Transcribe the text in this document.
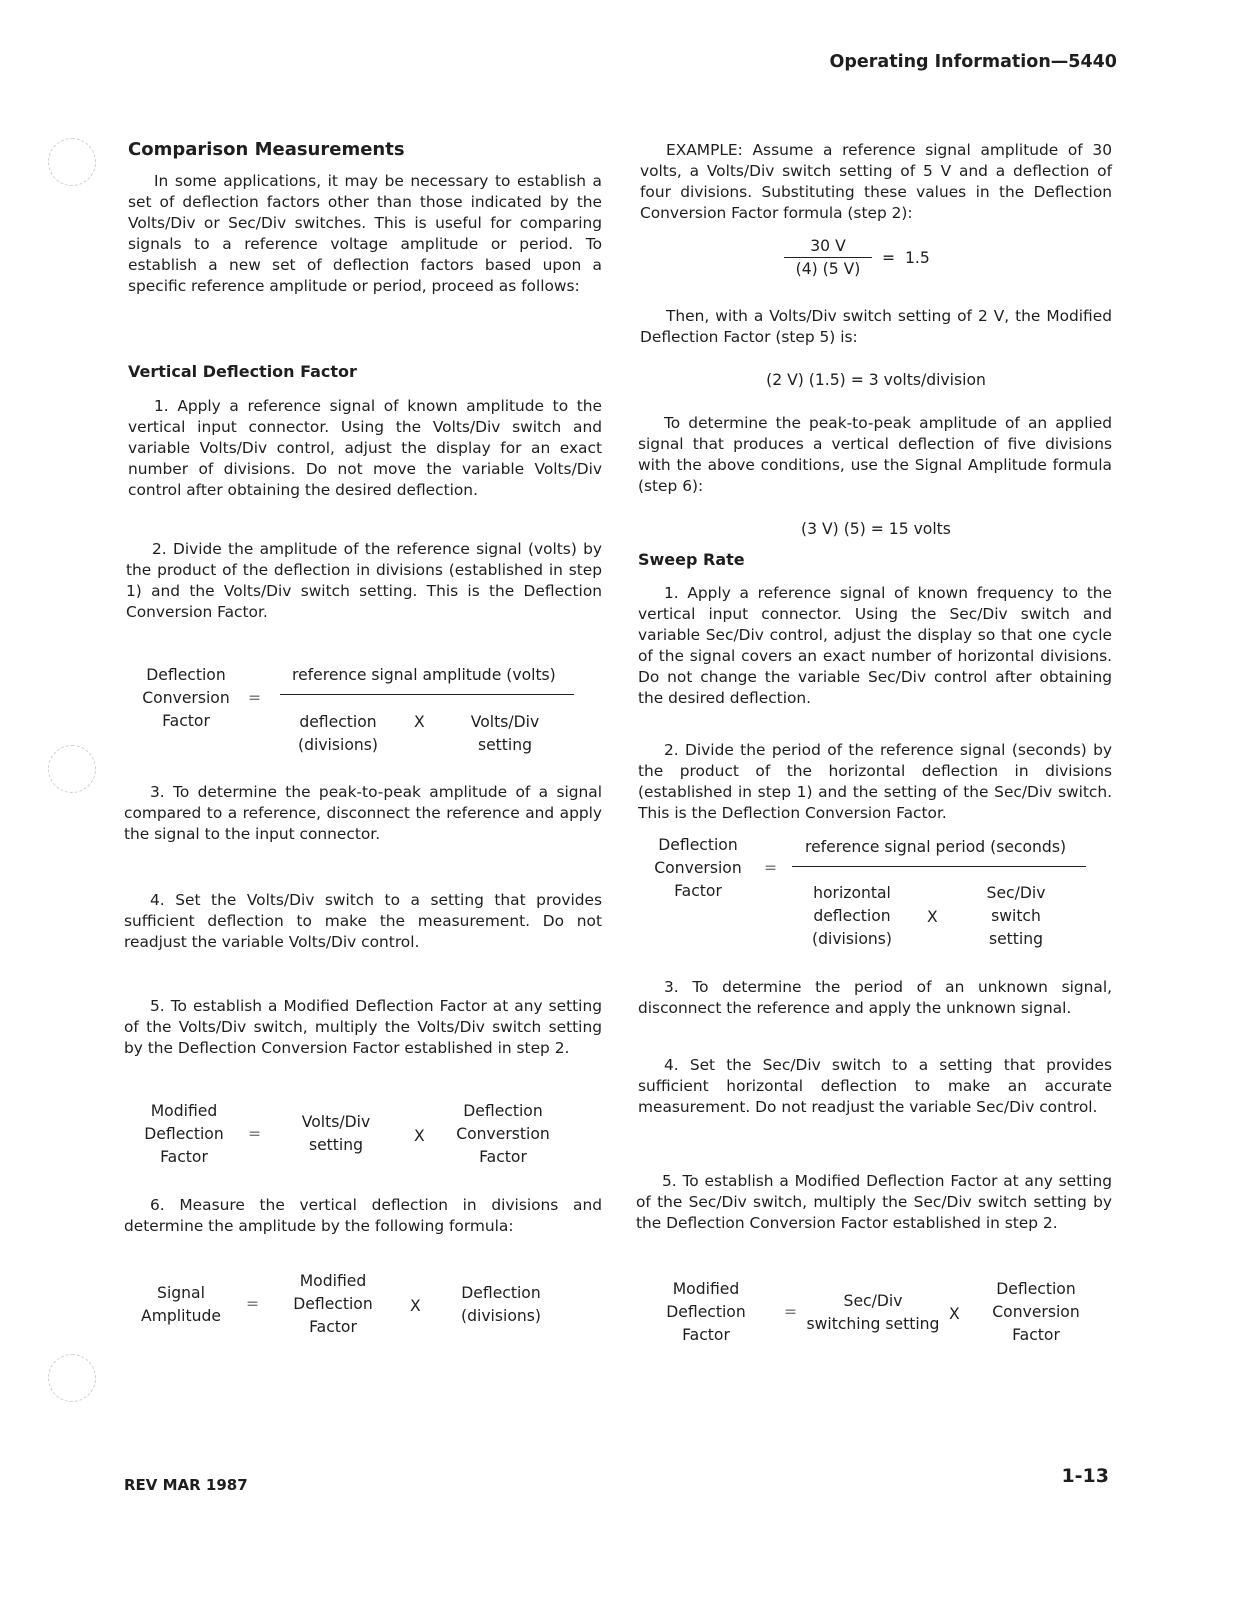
Operating Information—5440
Comparison Measurements

In some applications, it may be necessary to establish a set of deflection factors other than those indicated by the Volts/Div or Sec/Div switches. This is useful for comparing signals to a reference voltage amplitude or period. To establish a new set of deflection factors based upon a specific reference amplitude or period, proceed as follows:

Vertical Deflection Factor

1. Apply a reference signal of known amplitude to the vertical input connector. Using the Volts/Div switch and variable Volts/Div control, adjust the display for an exact number of divisions. Do not move the variable Volts/Div control after obtaining the desired deflection.

2. Divide the amplitude of the reference signal (volts) by the product of the deflection in divisions (established in step 1) and the Volts/Div switch setting. This is the Deflection Conversion Factor.

Deflection
Conversion
Factor
=
reference signal amplitude (volts)
deflection
(divisions)
X	Volts/Div
setting

3. To determine the peak-to-peak amplitude of a signal compared to a reference, disconnect the reference and apply the signal to the input connector.

4. Set the Volts/Div switch to a setting that provides sufficient deflection to make the measurement. Do not readjust the variable Volts/Div control.

5. To establish a Modified Deflection Factor at any setting of the Volts/Div switch, multiply the Volts/Div switch setting by the Deflection Conversion Factor established in step 2.

Modified
Deflection
Factor
=
Volts/Div
setting	X
Deflection
Converstion
Factor

6. Measure the vertical deflection in divisions and determine the amplitude by the following formula:

Signal
Amplitude
=
Modified
Deflection
Factor
X
Deflection
(divisions)

EXAMPLE: Assume a reference signal amplitude of 30 volts, a Volts/Div switch setting of 5 V and a deflection of four divisions. Substituting these values in the Deflection Conversion Factor formula (step 2):

30 V
(4) (5 V)
=  1.5

Then, with a Volts/Div switch setting of 2 V, the Modified Deflection Factor (step 5) is:

(2 V) (1.5) = 3 volts/division

To determine the peak-to-peak amplitude of an applied signal that produces a vertical deflection of five divisions with the above conditions, use the Signal Amplitude formula (step 6):

(3 V) (5) = 15 volts
Sweep Rate

1. Apply a reference signal of known frequency to the vertical input connector. Using the Sec/Div switch and variable Sec/Div control, adjust the display so that one cycle of the signal covers an exact number of horizontal divisions. Do not change the variable Sec/Div control after obtaining the desired deflection.

2. Divide the period of the reference signal (seconds) by the product of the horizontal deflection in divisions (established in step 1) and the setting of the Sec/Div switch. This is the Deflection Conversion Factor.

Deflection
Conversion
Factor
=
reference signal period (seconds)
horizontal
deflection
(divisions)
X
Sec/Div
switch
setting

3. To determine the period of an unknown signal, disconnect the reference and apply the unknown signal.

4. Set the Sec/Div switch to a setting that provides sufficient horizontal deflection to make an accurate measurement. Do not readjust the variable Sec/Div control.

5. To establish a Modified Deflection Factor at any setting of the Sec/Div switch, multiply the Sec/Div switch setting by the Deflection Conversion Factor established in step 2.

Modified
Deflection
Factor
=
Sec/Div
switching setting
X
Deflection
Conversion
Factor
REV MAR 1987	1-13
